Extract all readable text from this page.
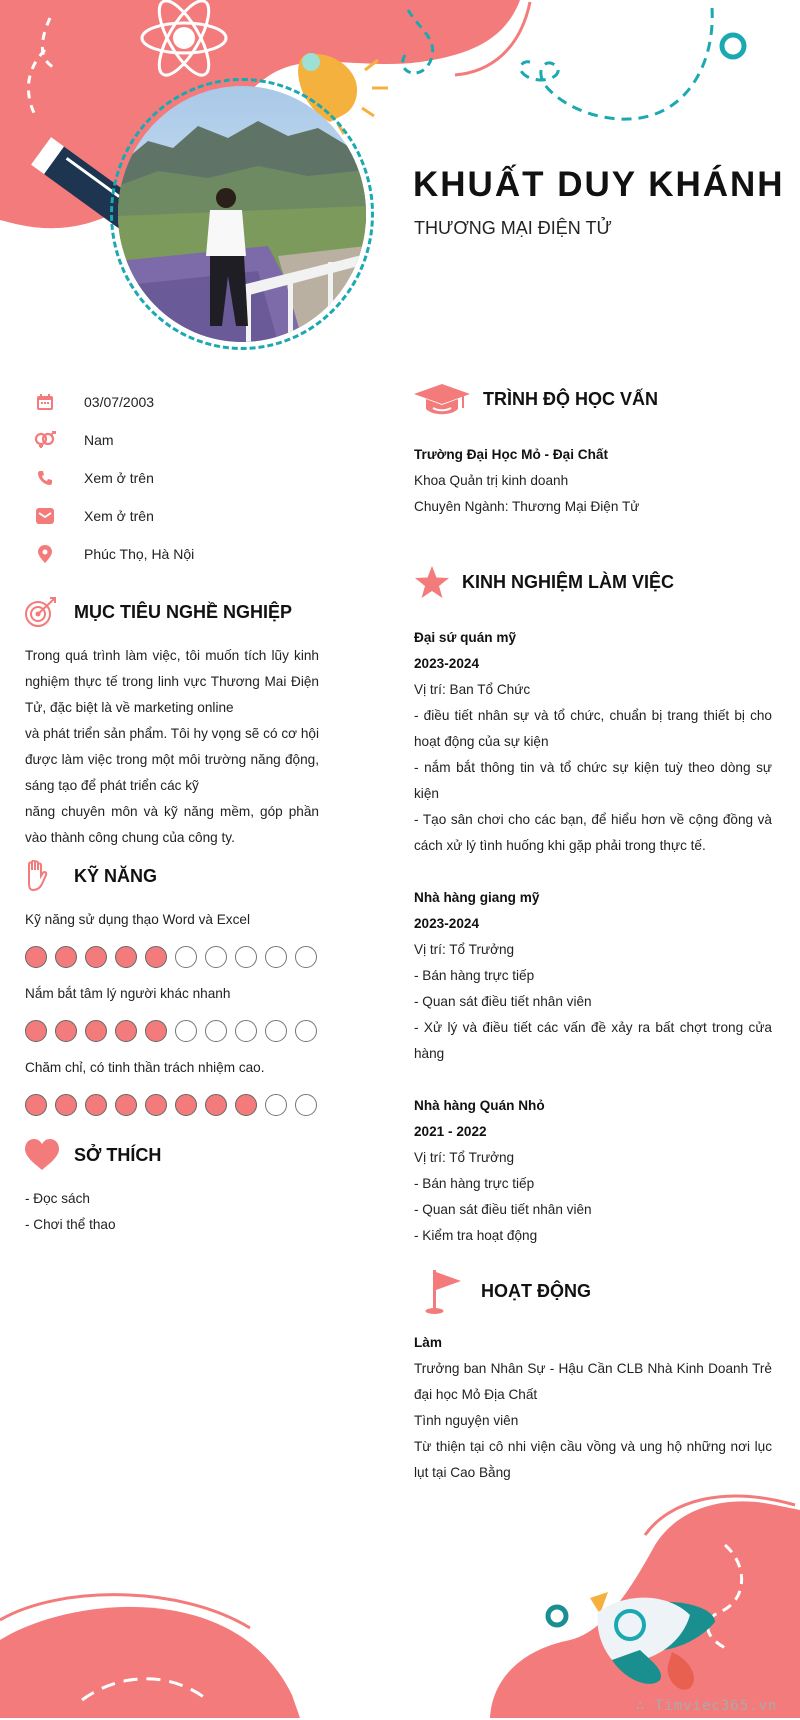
KHUẤT DUY KHÁNH
THƯƠNG MẠI ĐIỆN TỬ
03/07/2003
Nam
Xem ở trên
Xem ở trên
Phúc Thọ, Hà Nội
MỤC TIÊU NGHỀ NGHIỆP

Trong quá trình làm việc, tôi muốn tích lũy kinh nghiệm thực tế trong linh vực Thương Mai Điện Tử, đặc biệt là về marketing online

và phát triển sản phẩm. Tôi hy vọng sẽ có cơ hội được làm việc trong một môi trường năng động, sáng tạo để phát triển các kỹ

năng chuyên môn và kỹ năng mềm, góp phần vào thành công chung của công ty.

KỸ NĂNG
Kỹ năng sử dụng thạo Word và Excel
Nắm bắt tâm lý người khác nhanh
Chăm chỉ, có tinh thần trách nhiệm cao.
SỞ THÍCH
- Đọc sách
- Chơi thể thao
TRÌNH ĐỘ HỌC VẤN
Trường Đại Học Mỏ - Đại Chất
Khoa Quản trị kinh doanh
Chuyên Ngành: Thương Mại Điện Tử
KINH NGHIỆM LÀM VIỆC
Đại sứ quán mỹ
2023-2024
Vị trí: Ban Tổ Chức
- điều tiết nhân sự và tổ chức, chuẩn bị trang thiết bị cho hoạt động của sự kiện
- nắm bắt thông tin và tổ chức sự kiện tuỳ theo dòng sự kiện
- Tạo sân chơi cho các bạn, để hiểu hơn về cộng đồng và cách xử lý tình huống khi gặp phải trong thực tế.
Nhà hàng giang mỹ
2023-2024
Vị trí: Tổ Trưởng
- Bán hàng trực tiếp
- Quan sát điều tiết nhân viên
- Xử lý và điều tiết các vấn đề xảy ra bất chợt trong cửa hàng
Nhà hàng Quán Nhỏ
2021 - 2022
Vị trí: Tổ Trưởng
- Bán hàng trực tiếp
- Quan sát điều tiết nhân viên
- Kiểm tra hoạt động
HOẠT ĐỘNG
Làm
Trưởng ban Nhân Sự - Hậu Cần CLB Nhà Kinh Doanh Trẻ đại học Mỏ Địa Chất
Tình nguyện viên
Từ thiện tại cô nhi viện cầu vồng và ung hộ những nơi lục lụt tại Cao Bằng
∴ Timviec365.vn
